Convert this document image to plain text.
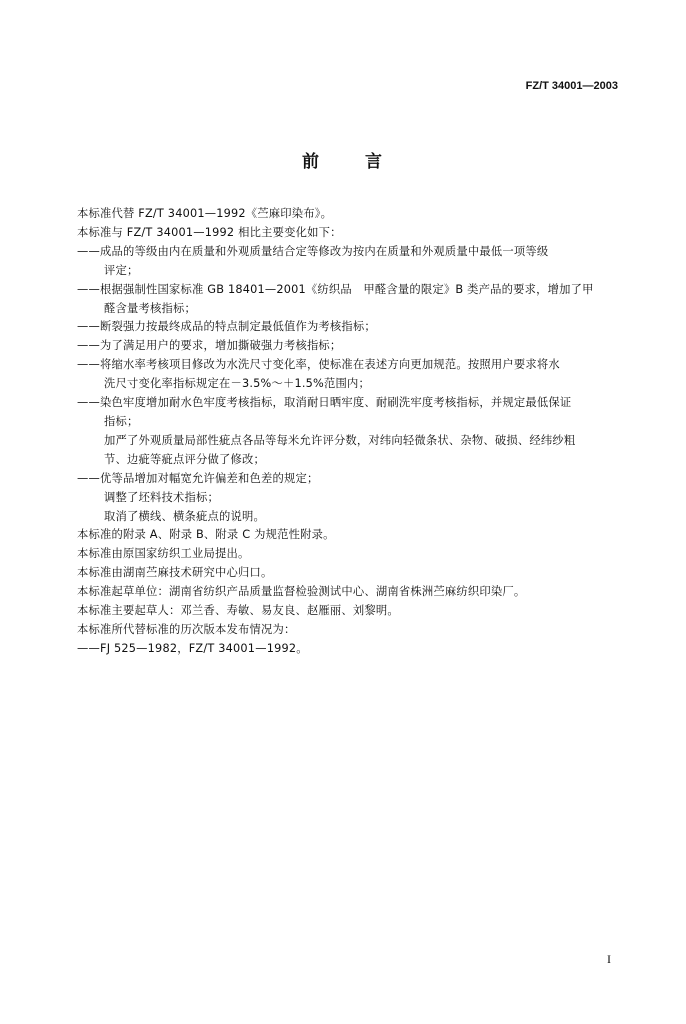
FZ/T 34001—2003
前	言
本标准代替 FZ/T 34001—1992《苎麻印染布》。
本标准与 FZ/T 34001—1992 相比主要变化如下：
——成品的等级由内在质量和外观质量结合定等修改为按内在质量和外观质量中最低一项等级
评定；
——根据强制性国家标准 GB 18401—2001《纺织品　甲醛含量的限定》B 类产品的要求，增加了甲
醛含量考核指标；
——断裂强力按最终成品的特点制定最低值作为考核指标；
——为了满足用户的要求，增加撕破强力考核指标；
——将缩水率考核项目修改为水洗尺寸变化率，使标准在表述方向更加规范。按照用户要求将水
洗尺寸变化率指标规定在－3.5%～＋1.5%范围内；
——染色牢度增加耐水色牢度考核指标，取消耐日晒牢度、耐刷洗牢度考核指标，并规定最低保证
指标；
加严了外观质量局部性疵点各品等每米允许评分数，对纬向轻微条状、杂物、破损、经纬纱粗
节、边疵等疵点评分做了修改；
——优等品增加对幅宽允许偏差和色差的规定；
调整了坯料技术指标；
取消了横线、横条疵点的说明。
本标准的附录 A、附录 B、附录 C 为规范性附录。
本标准由原国家纺织工业局提出。
本标准由湖南苎麻技术研究中心归口。
本标准起草单位：湖南省纺织产品质量监督检验测试中心、湖南省株洲苎麻纺织印染厂。
本标准主要起草人：邓兰香、寿敏、易友良、赵雁丽、刘黎明。
本标准所代替标准的历次版本发布情况为：
——FJ 525—1982，FZ/T 34001—1992。
I
